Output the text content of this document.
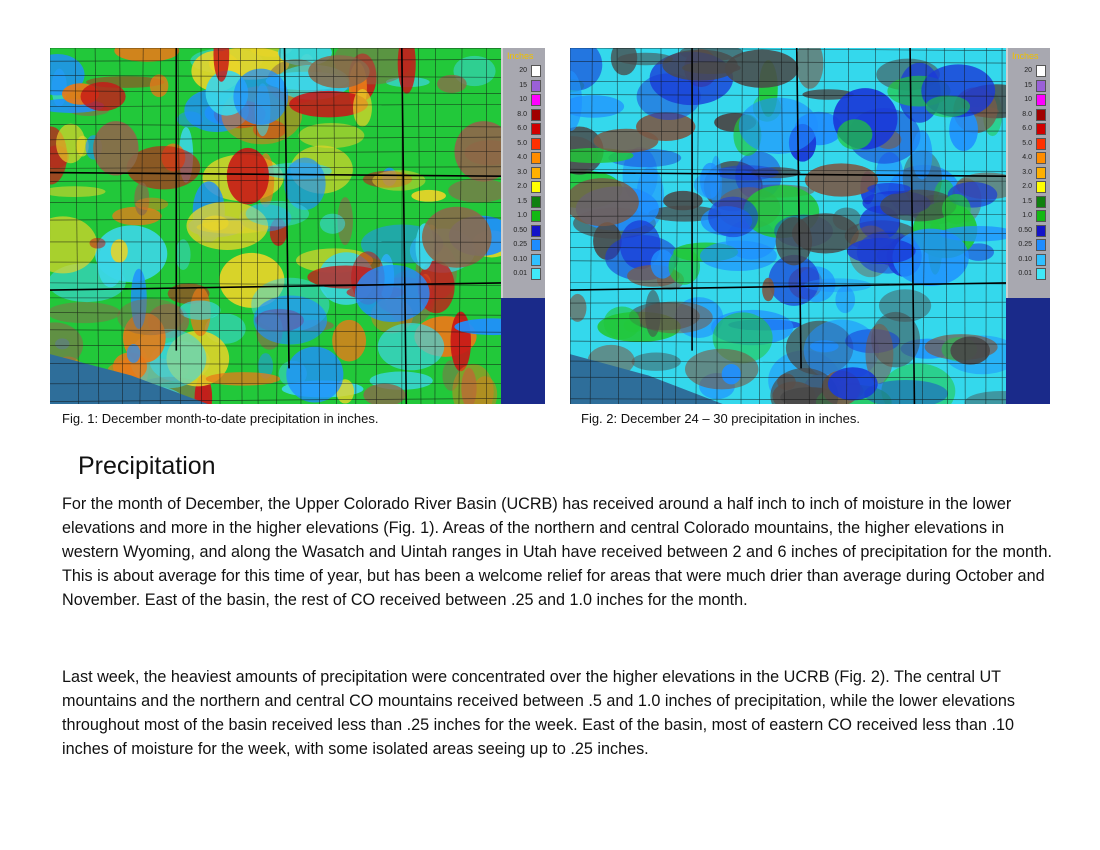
Inches
20
15
10
8.0
6.0
5.0
4.0
3.0
2.0
1.5
1.0
0.50
0.25
0.10
0.01
Fig. 1: December month-to-date precipitation in inches.
Inches
20
15
10
8.0
6.0
5.0
4.0
3.0
2.0
1.5
1.0
0.50
0.25
0.10
0.01
Fig. 2: December 24 – 30 precipitation in inches.
Precipitation

For the month of December, the Upper Colorado River Basin (UCRB) has received around a half inch to inch of moisture in the lower elevations and more in the higher elevations (Fig. 1). Areas of the northern and central Colorado mountains, the higher elevations in western Wyoming, and along the Wasatch and Uintah ranges in Utah have received between 2 and 6 inches of precipitation for the month. This is about average for this time of year, but has been a welcome relief for areas that were much drier than average during October and November. East of the basin, the rest of CO received between .25 and 1.0 inches for the month.

Last week, the heaviest amounts of precipitation were concentrated over the higher elevations in the UCRB (Fig. 2). The central UT mountains and the northern and central CO mountains received between .5 and 1.0 inches of precipitation, while the lower elevations throughout most of the basin received less than .25 inches for the week. East of the basin, most of eastern CO received less than .10 inches of moisture for the week, with some isolated areas seeing up to .25 inches.
